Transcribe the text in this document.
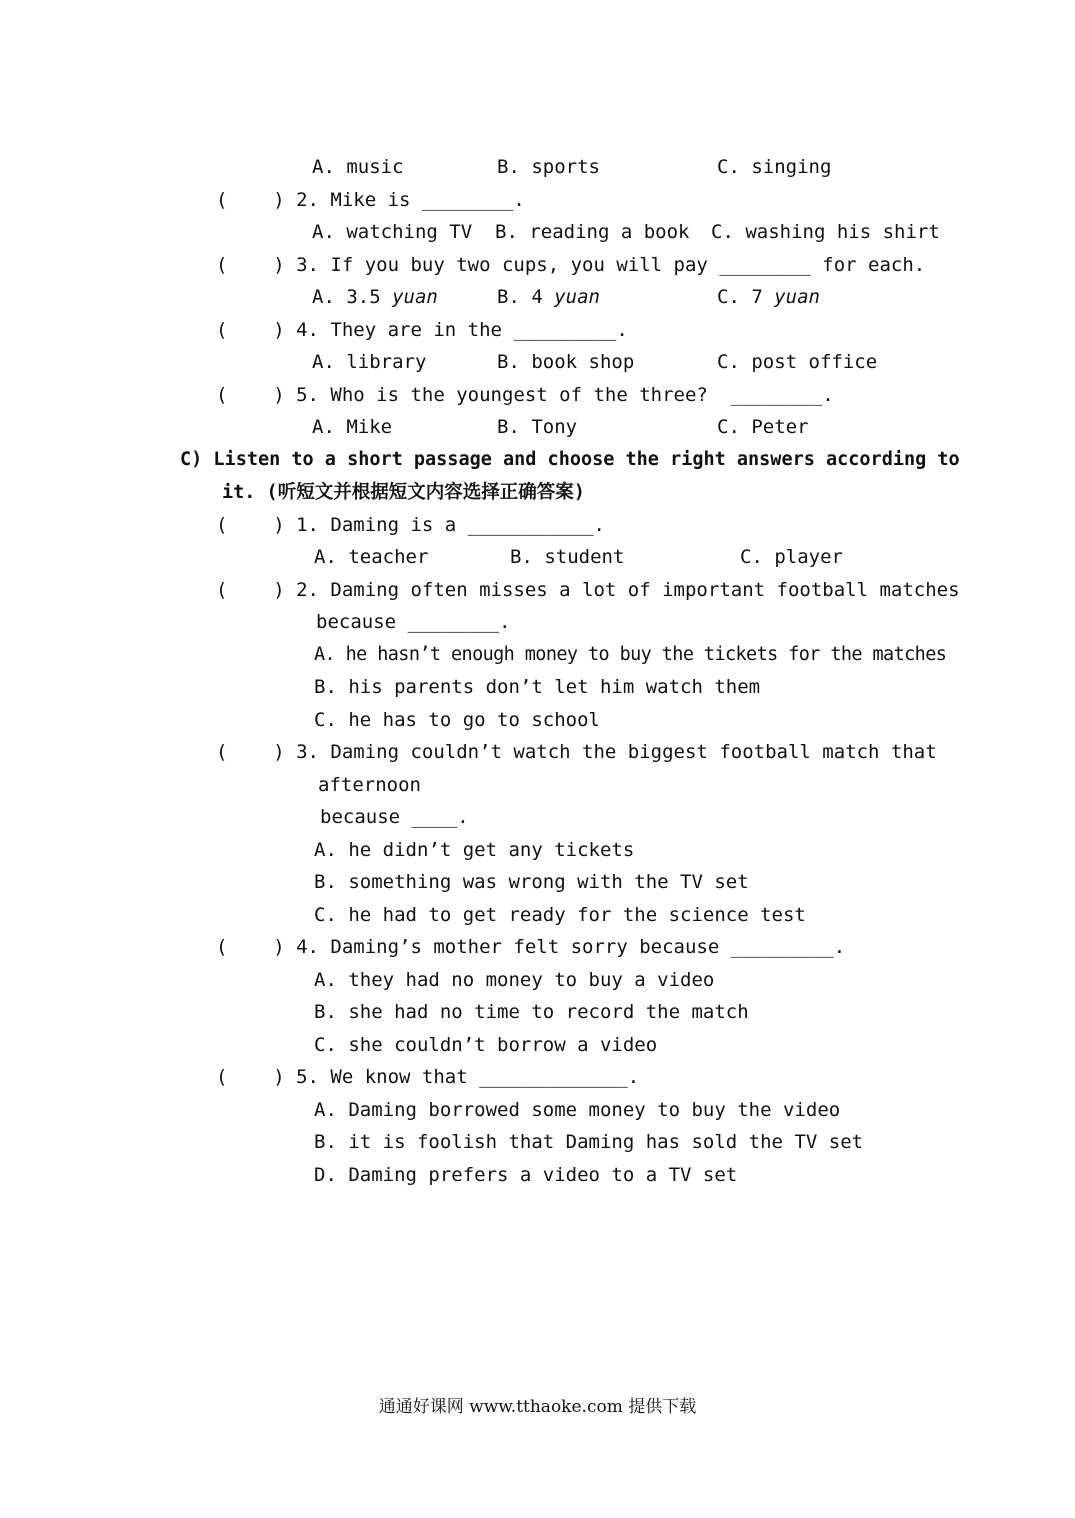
A. music	B. sports	C. singing
(    ) 2. Mike is ________.
A. watching TV B. reading a book C. washing his shirt
(    ) 3. If you buy two cups, you will pay ________ for each.
A. 3.5 yuan	B. 4 yuan	C. 7 yuan
(    ) 4. They are in the _________.
A. library	B. book shop	C. post office
(    ) 5. Who is the youngest of the three?  ________.
A. Mike	B. Tony	C. Peter
C) Listen to a short passage and choose the right answers according to
it. (听短文并根据短文内容选择正确答案)
(    ) 1. Daming is a ___________.
A. teacher	B. student	C. player
(    ) 2. Daming often misses a lot of important football matches
because ________.
A. he hasn’t enough money to buy the tickets for the matches
B. his parents don’t let him watch them
C. he has to go to school
(    ) 3. Daming couldn’t watch the biggest football match that
afternoon
because ____.
A. he didn’t get any tickets
B. something was wrong with the TV set
C. he had to get ready for the science test
(    ) 4. Daming’s mother felt sorry because _________.
A. they had no money to buy a video
B. she had no time to record the match
C. she couldn’t borrow a video
(    ) 5. We know that _____________.
A. Daming borrowed some money to buy the video
B. it is foolish that Daming has sold the TV set
D. Daming prefers a video to a TV set
通通好课网 www.tthaoke.com 提供下载
